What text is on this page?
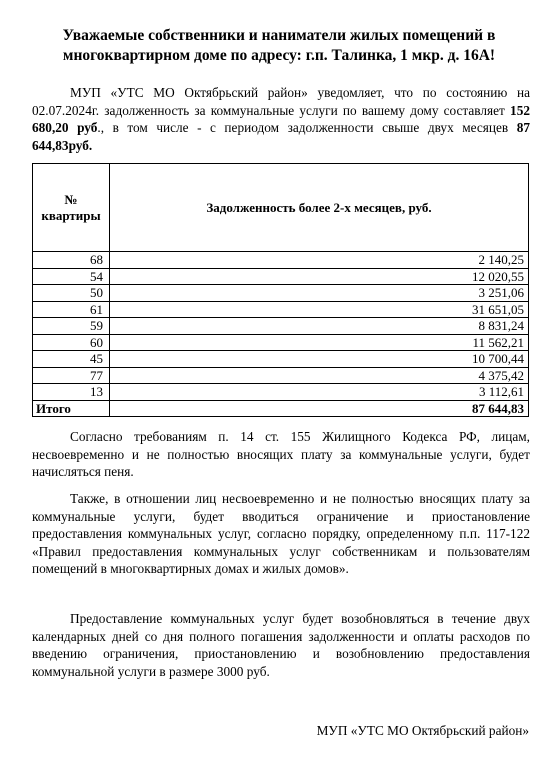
Уважаемые собственники и наниматели жилых помещений в многоквартирном доме по адресу: г.п. Талинка, 1 мкр. д. 16А!

МУП «УТС МО Октябрьский район» уведомляет, что по состоянию на 02.07.2024г. задолженность за коммунальные услуги по вашему дому составляет 152 680,20 руб., в том числе - с периодом задолженности свыше двух месяцев 87 644,83руб.

№ квартиры	Задолженность более 2-х месяцев, руб.
68	2 140,25
54	12 020,55
50	3 251,06
61	31 651,05
59	8 831,24
60	11 562,21
45	10 700,44
77	4 375,42
13	3 112,61
Итого	87 644,83

Согласно требованиям п. 14 ст. 155 Жилищного Кодекса РФ, лицам, несвоевременно и не полностью вносящих плату за коммунальные услуги, будет начисляться пеня.

Также, в отношении лиц несвоевременно и не полностью вносящих плату за коммунальные услуги, будет вводиться ограничение и приостановление предоставления коммунальных услуг, согласно порядку, определенному п.п. 117-122 «Правил предоставления коммунальных услуг собственникам и пользователям помещений в многоквартирных домах и жилых домов».

Предоставление коммунальных услуг будет возобновляться в течение двух календарных дней со дня полного погашения задолженности и оплаты расходов по введению ограничения, приостановлению и возобновлению предоставления коммунальной услуги в размере 3000 руб.

МУП «УТС МО Октябрьский район»
